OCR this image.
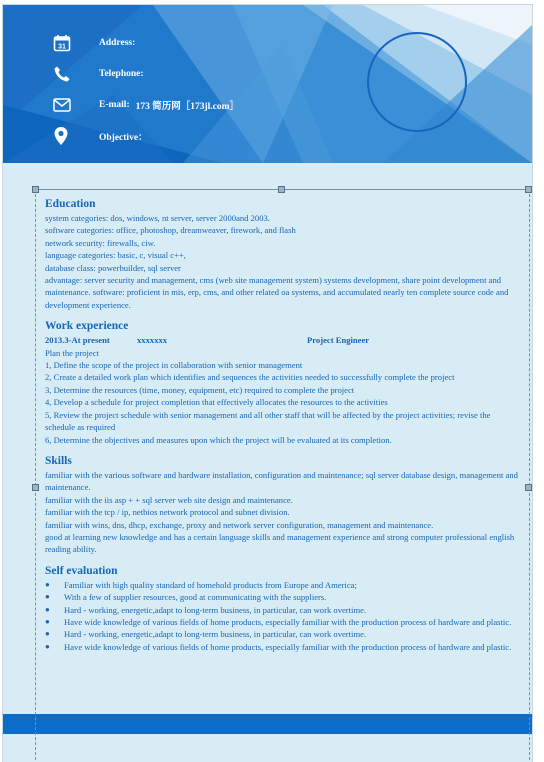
31	Address:
Telephone:
E-mail: 173 简历网［173jl.com］
Objective：
Education
system categories: dos, windows, nt server, server 2000and 2003.
software categories: office, photoshop, dreamweaver, firework, and flash
network security: firewalls, ciw.
language categories: basic, c, visual c++,
database class: powerbuilder, sql server
advantage: server security and management, cms (web site management system) systems development, share point development and maintenance. software: proficient in mis, erp, cms, and other related oa systems, and accumulated nearly ten complete source code and development experience.
Work experience
2013.3-At present	xxxxxxx	Project Engineer
Plan the project
1, Define the scope of the project in collaboration with senior management
2, Create a detailed work plan which identifies and sequences the activities needed to successfully complete the project
3, Determine the resources (time, money, equipment, etc) required to complete the project
4, Develop a schedule for project completion that effectively allocates the resources to the activities
5, Review the project schedule with senior management and all other staff that will be affected by the project activities; revise the schedule as required
6, Determine the objectives and measures upon which the project will be evaluated at its completion.
Skills
familiar with the various software and hardware installation, configuration and maintenance; sql server database design, management and maintenance.
familiar with the iis asp + + sql server web site design and maintenance.
familiar with the tcp / ip, netbios network protocol and subnet division.
familiar with wins, dns, dhcp, exchange, proxy and network server configuration, management and maintenance.
good at learning new knowledge and has a certain language skills and management experience and strong computer professional english reading ability.
Self evaluation
●	Familiar with high quality standard of homehold products from Europe and America;
●	With a few of supplier resources, good at communicating with the suppliers.
●	Hard - working, energetic,adapt to long-term business, in particular, can work overtime.
●	Have wide knowledge of various fields of home products, especially familiar with the production process of hardware and plastic.
●	Hard - working, energetic,adapt to long-term business, in particular, can work overtime.
●	Have wide knowledge of various fields of home products, especially familiar with the production process of hardware and plastic.
